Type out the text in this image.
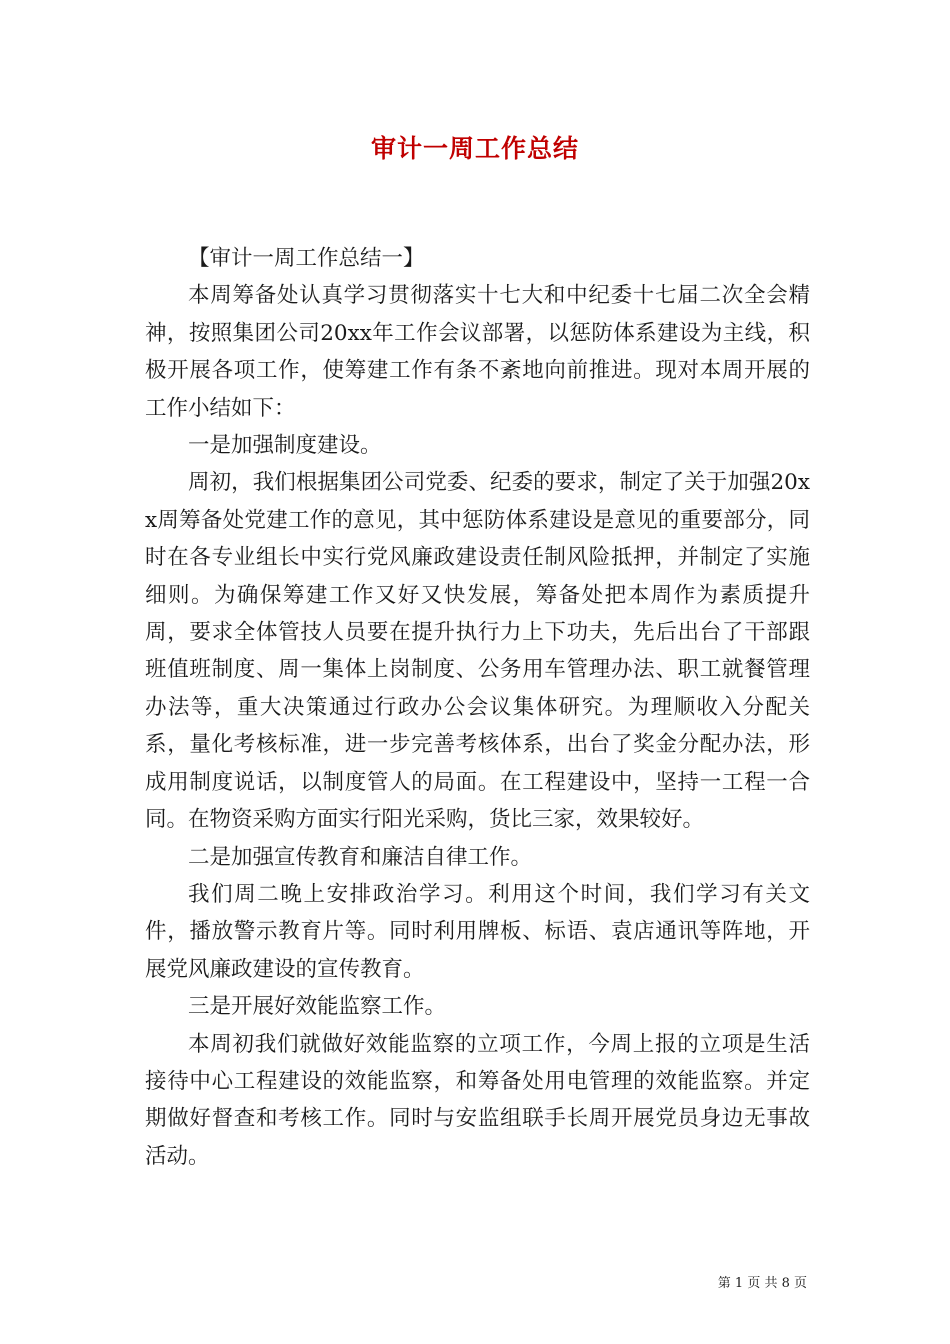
审计一周工作总结

【审计一周工作总结一】

本周筹备处认真学习贯彻落实十七大和中纪委十七届二次全会精神，按照集团公司20xx年工作会议部署，以惩防体系建设为主线，积极开展各项工作，使筹建工作有条不紊地向前推进。现对本周开展的工作小结如下：

一是加强制度建设。

周初，我们根据集团公司党委、纪委的要求，制定了关于加强20xx周筹备处党建工作的意见，其中惩防体系建设是意见的重要部分，同时在各专业组长中实行党风廉政建设责任制风险抵押，并制定了实施细则。为确保筹建工作又好又快发展，筹备处把本周作为素质提升周，要求全体管技人员要在提升执行力上下功夫，先后出台了干部跟班值班制度、周一集体上岗制度、公务用车管理办法、职工就餐管理办法等，重大决策通过行政办公会议集体研究。为理顺收入分配关系，量化考核标准，进一步完善考核体系，出台了奖金分配办法，形成用制度说话，以制度管人的局面。在工程建设中，坚持一工程一合同。在物资采购方面实行阳光采购，货比三家，效果较好。

二是加强宣传教育和廉洁自律工作。

我们周二晚上安排政治学习。利用这个时间，我们学习有关文件，播放警示教育片等。同时利用牌板、标语、袁店通讯等阵地，开展党风廉政建设的宣传教育。

三是开展好效能监察工作。

本周初我们就做好效能监察的立项工作，今周上报的立项是生活接待中心工程建设的效能监察，和筹备处用电管理的效能监察。并定期做好督查和考核工作。同时与安监组联手长周开展党员身边无事故活动。

第 1 页 共 8 页
